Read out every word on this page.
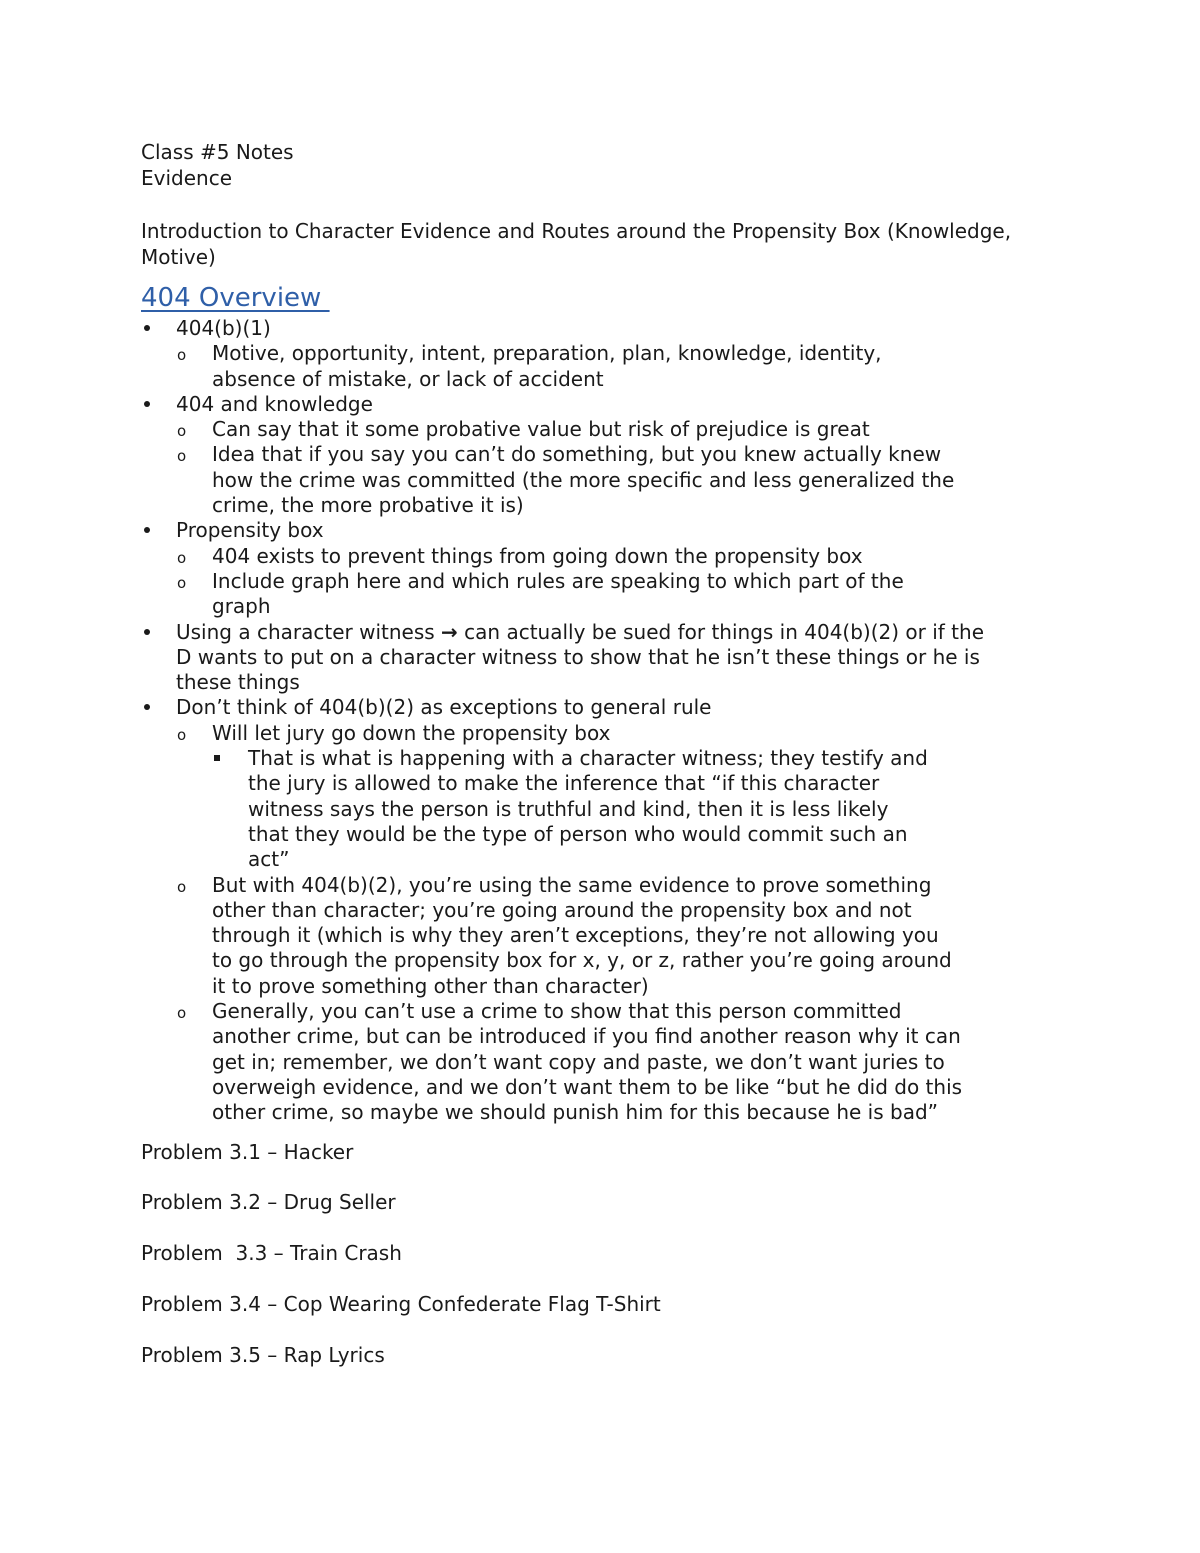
Class #5 Notes

Evidence

Introduction to Character Evidence and Routes around the Propensity Box (Knowledge,

Motive)

404 Overview
404(b)(1)
o	Motive, opportunity, intent, preparation, plan, knowledge, identity,
absence of mistake, or lack of accident
404 and knowledge
o	Can say that it some probative value but risk of prejudice is great
o	Idea that if you say you can’t do something, but you knew actually knew
how the crime was committed (the more specific and less generalized the
crime, the more probative it is)
Propensity box
o	404 exists to prevent things from going down the propensity box
o	Include graph here and which rules are speaking to which part of the
graph
Using a character witness → can actually be sued for things in 404(b)(2) or if the
D wants to put on a character witness to show that he isn’t these things or he is
these things
Don’t think of 404(b)(2) as exceptions to general rule
o	Will let jury go down the propensity box
That is what is happening with a character witness; they testify and
the jury is allowed to make the inference that “if this character
witness says the person is truthful and kind, then it is less likely
that they would be the type of person who would commit such an
act”
o	But with 404(b)(2), you’re using the same evidence to prove something
other than character; you’re going around the propensity box and not
through it (which is why they aren’t exceptions, they’re not allowing you
to go through the propensity box for x, y, or z, rather you’re going around
it to prove something other than character)
o	Generally, you can’t use a crime to show that this person committed
another crime, but can be introduced if you find another reason why it can
get in; remember, we don’t want copy and paste, we don’t want juries to
overweigh evidence, and we don’t want them to be like “but he did do this
other crime, so maybe we should punish him for this because he is bad”

Problem 3.1 – Hacker

Problem 3.2 – Drug Seller

Problem  3.3 – Train Crash

Problem 3.4 – Cop Wearing Confederate Flag T-Shirt

Problem 3.5 – Rap Lyrics
